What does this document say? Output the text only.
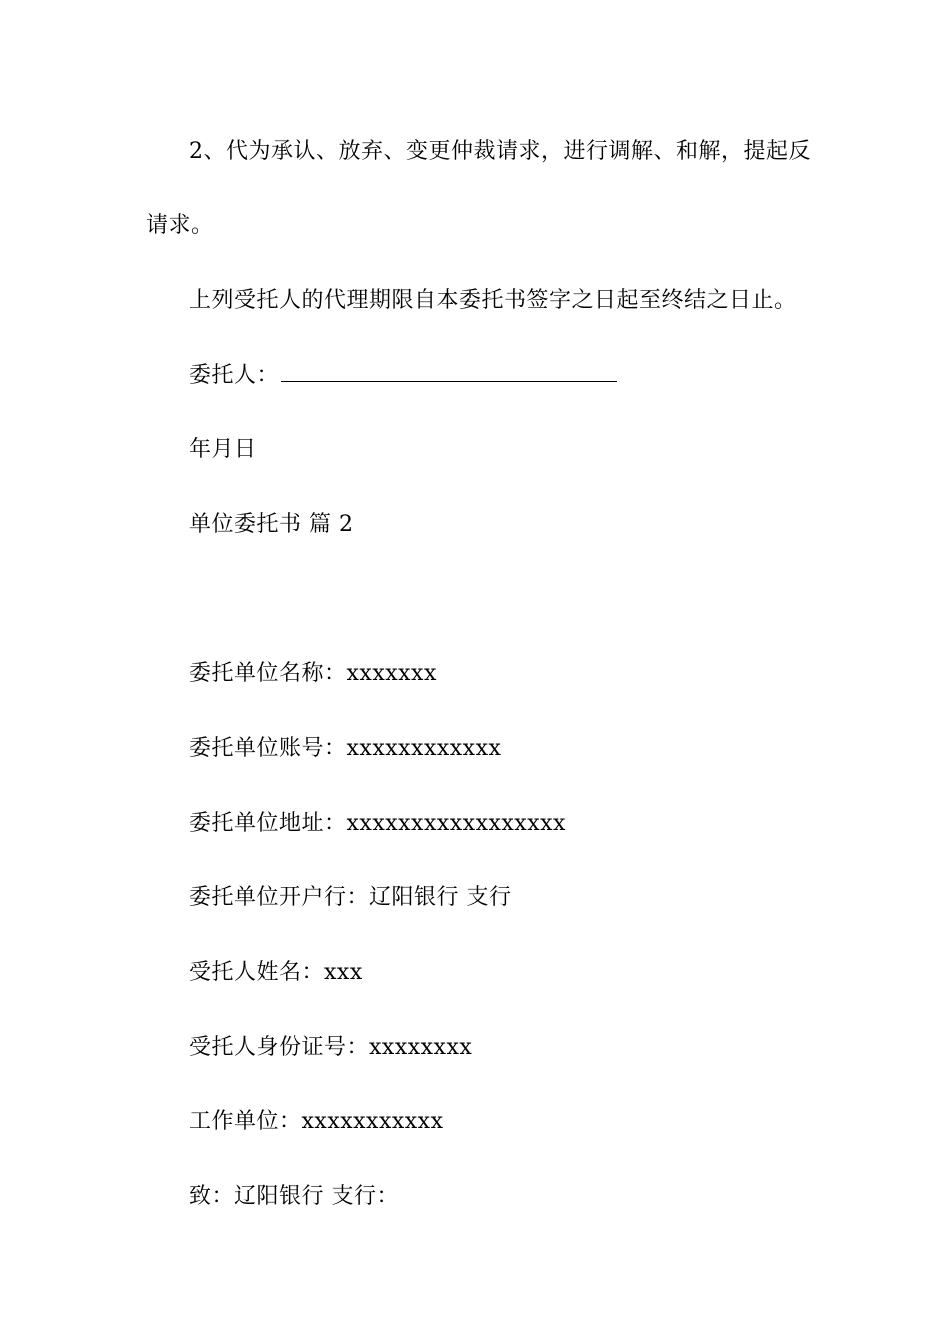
2、代为承认、放弃、变更仲裁请求，进行调解、和解，提起反
请求。
上列受托人的代理期限自本委托书签字之日起至终结之日止。
委托人：
年月日
单位委托书 篇 2
委托单位名称：xxxxxxx
委托单位账号：xxxxxxxxxxxx
委托单位地址：xxxxxxxxxxxxxxxxx
委托单位开户行：辽阳银行 支行
受托人姓名：xxx
受托人身份证号：xxxxxxxx
工作单位：xxxxxxxxxxx
致：辽阳银行 支行：
